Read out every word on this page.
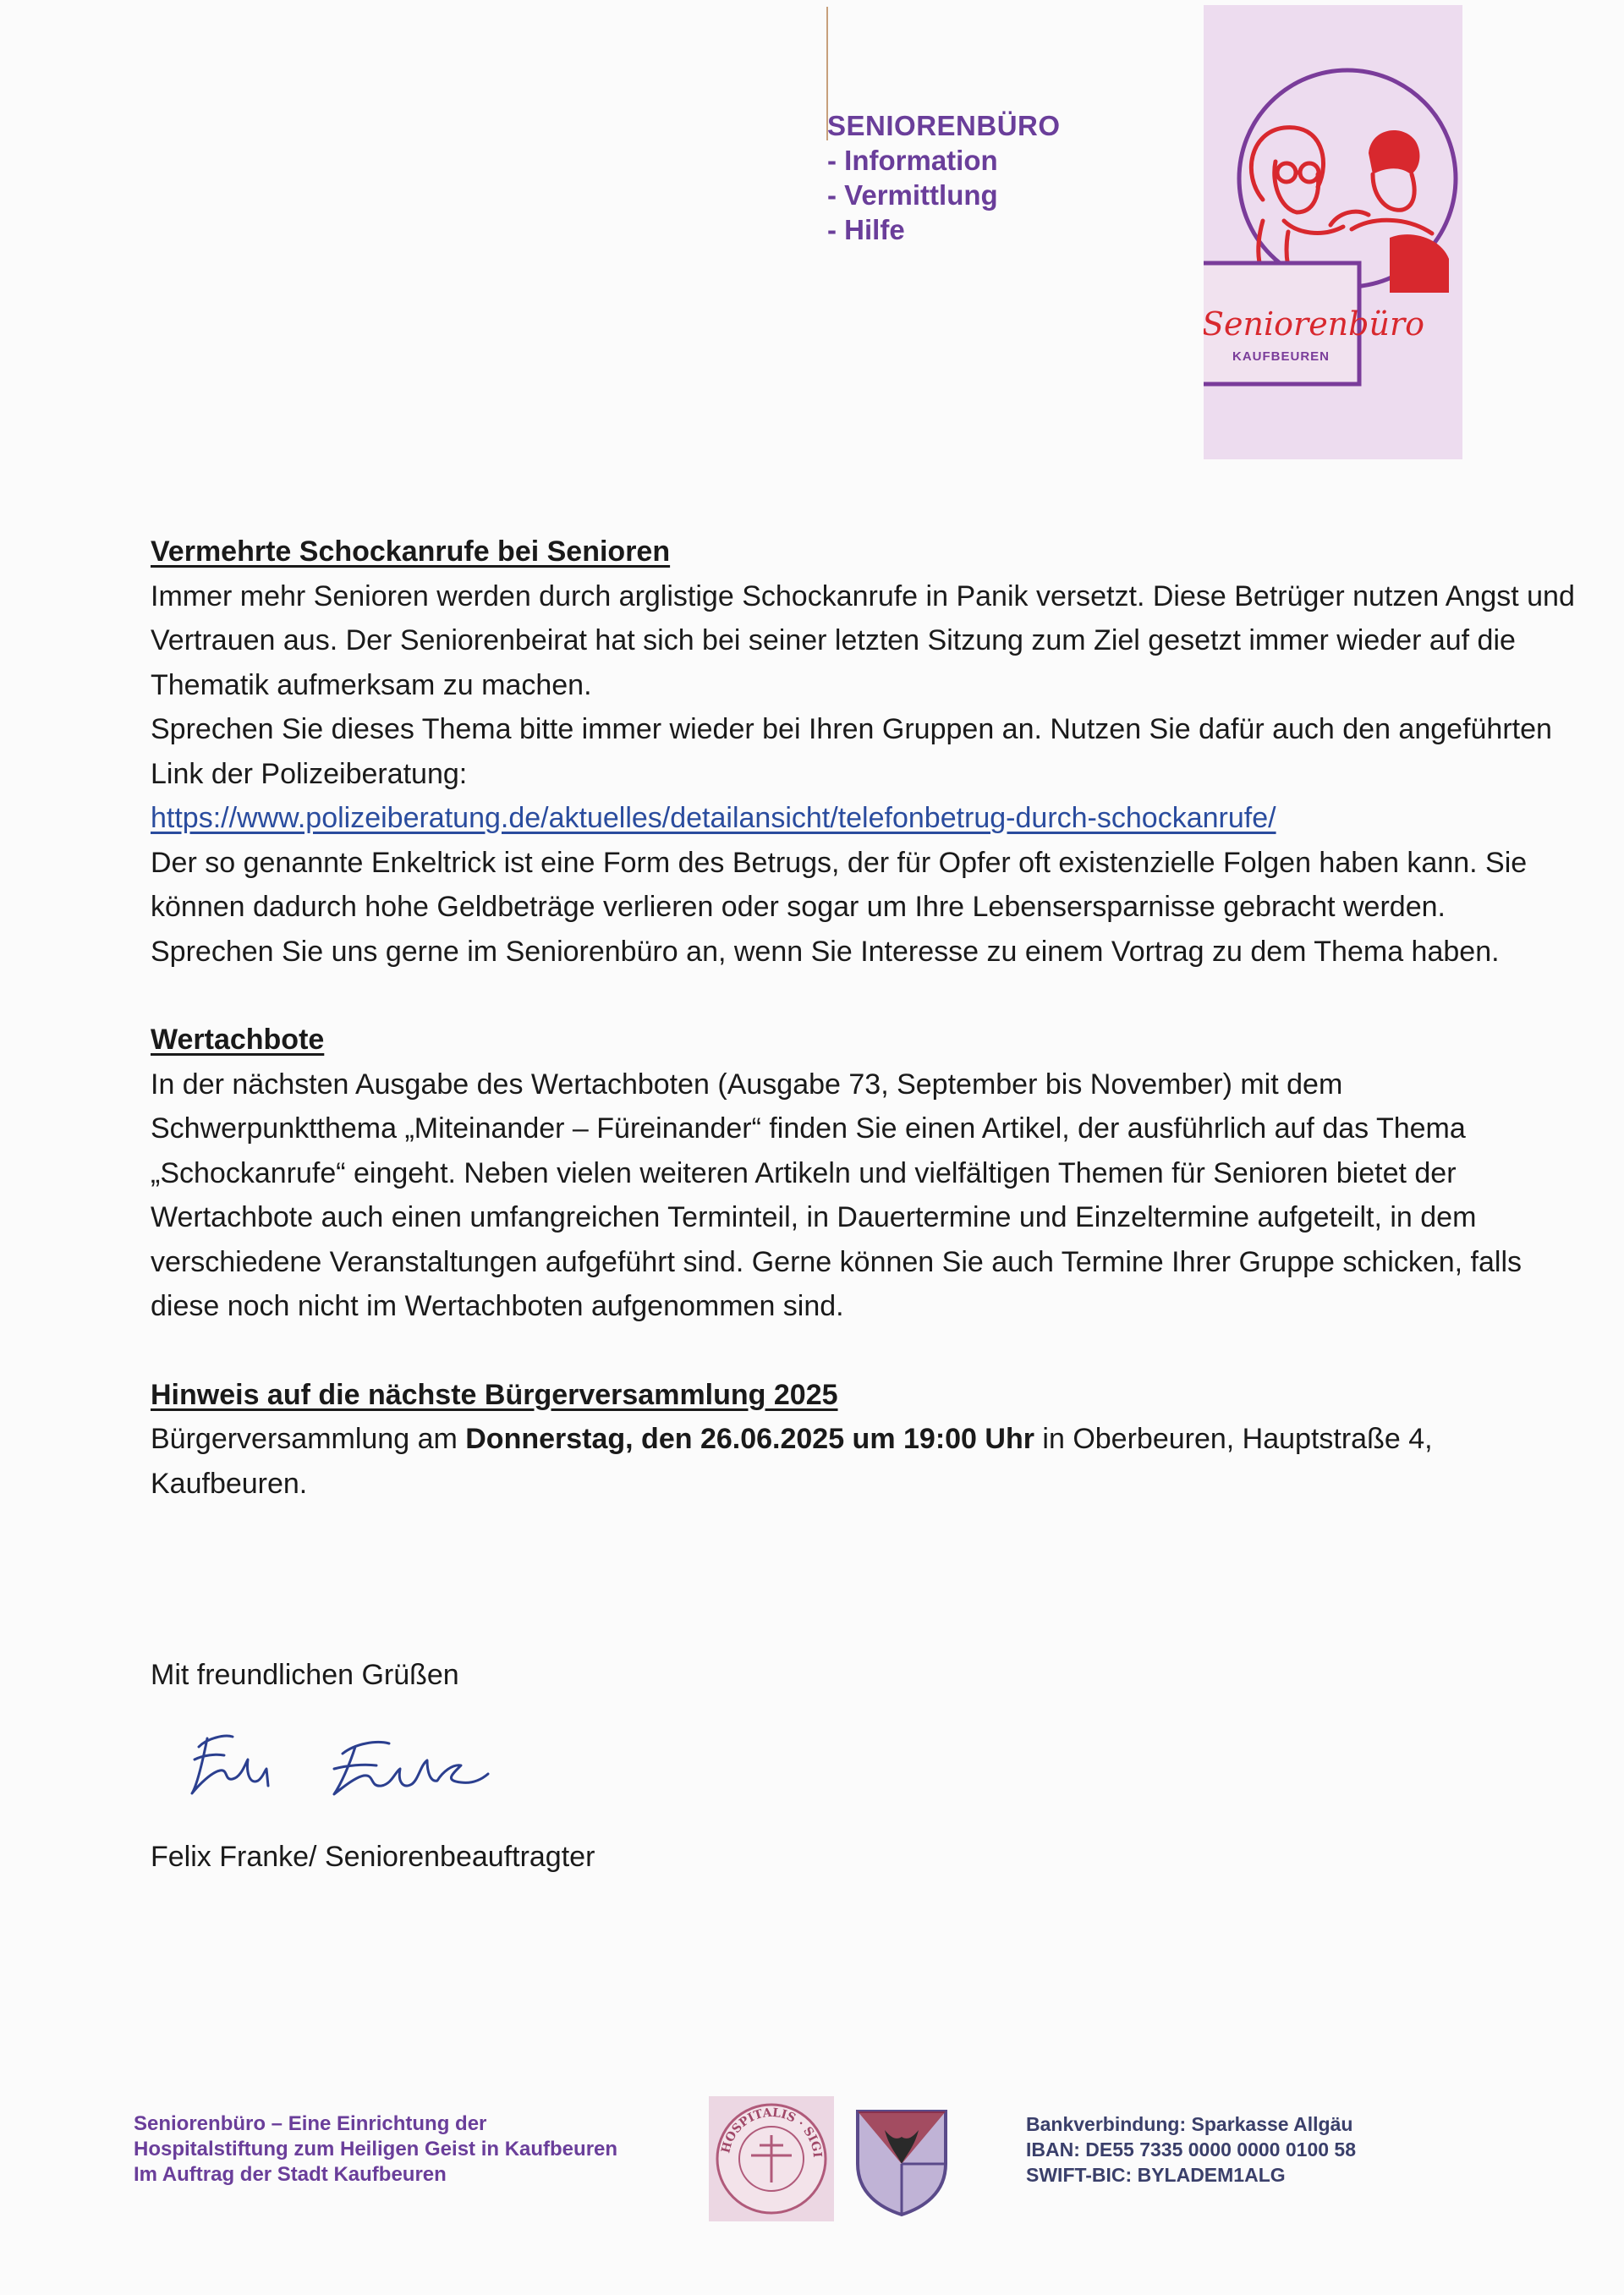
SENIORENBÜRO
- Information
- Vermittlung
- Hilfe
Seniorenbüro
KAUFBEUREN
Vermehrte Schockanrufe bei Senioren

Immer mehr Senioren werden durch arglistige Schockanrufe in Panik versetzt. Diese Betrüger nutzen Angst und Vertrauen aus. Der Seniorenbeirat hat sich bei seiner letzten Sitzung zum Ziel gesetzt immer wieder auf die Thematik aufmerksam zu machen.

Sprechen Sie dieses Thema bitte immer wieder bei Ihren Gruppen an. Nutzen Sie dafür auch den angeführten Link der Polizeiberatung:

https://www.polizeiberatung.de/aktuelles/detailansicht/telefonbetrug-durch-schockanrufe/

Der so genannte Enkeltrick ist eine Form des Betrugs, der für Opfer oft existenzielle Folgen haben kann. Sie können dadurch hohe Geldbeträge verlieren oder sogar um Ihre Lebensersparnisse gebracht werden.

Sprechen Sie uns gerne im Seniorenbüro an, wenn Sie Interesse zu einem Vortrag zu dem Thema haben.

Wertachbote

In der nächsten Ausgabe des Wertachboten (Ausgabe 73, September bis November) mit dem Schwerpunktthema „Miteinander – Füreinander“ finden Sie einen Artikel, der ausführlich auf das Thema „Schockanrufe“ eingeht. Neben vielen weiteren Artikeln und vielfältigen Themen für Senioren bietet der Wertachbote auch einen umfangreichen Terminteil, in Dauertermine und Einzeltermine aufgeteilt, in dem verschiedene Veranstaltungen aufgeführt sind. Gerne können Sie auch Termine Ihrer Gruppe schicken, falls diese noch nicht im Wertachboten aufgenommen sind.

Hinweis auf die nächste Bürgerversammlung 2025

Bürgerversammlung am Donnerstag, den 26.06.2025 um 19:00 Uhr in Oberbeuren, Hauptstraße 4, Kaufbeuren.

Mit freundlichen Grüßen
Felix Franke/ Seniorenbeauftragter
Seniorenbüro – Eine Einrichtung der
Hospitalstiftung zum Heiligen Geist in Kaufbeuren
Im Auftrag der Stadt Kaufbeuren
HOSPITALIS · SIGI
Bankverbindung: Sparkasse Allgäu
IBAN: DE55 7335 0000 0000 0100 58
SWIFT-BIC: BYLADEM1ALG
